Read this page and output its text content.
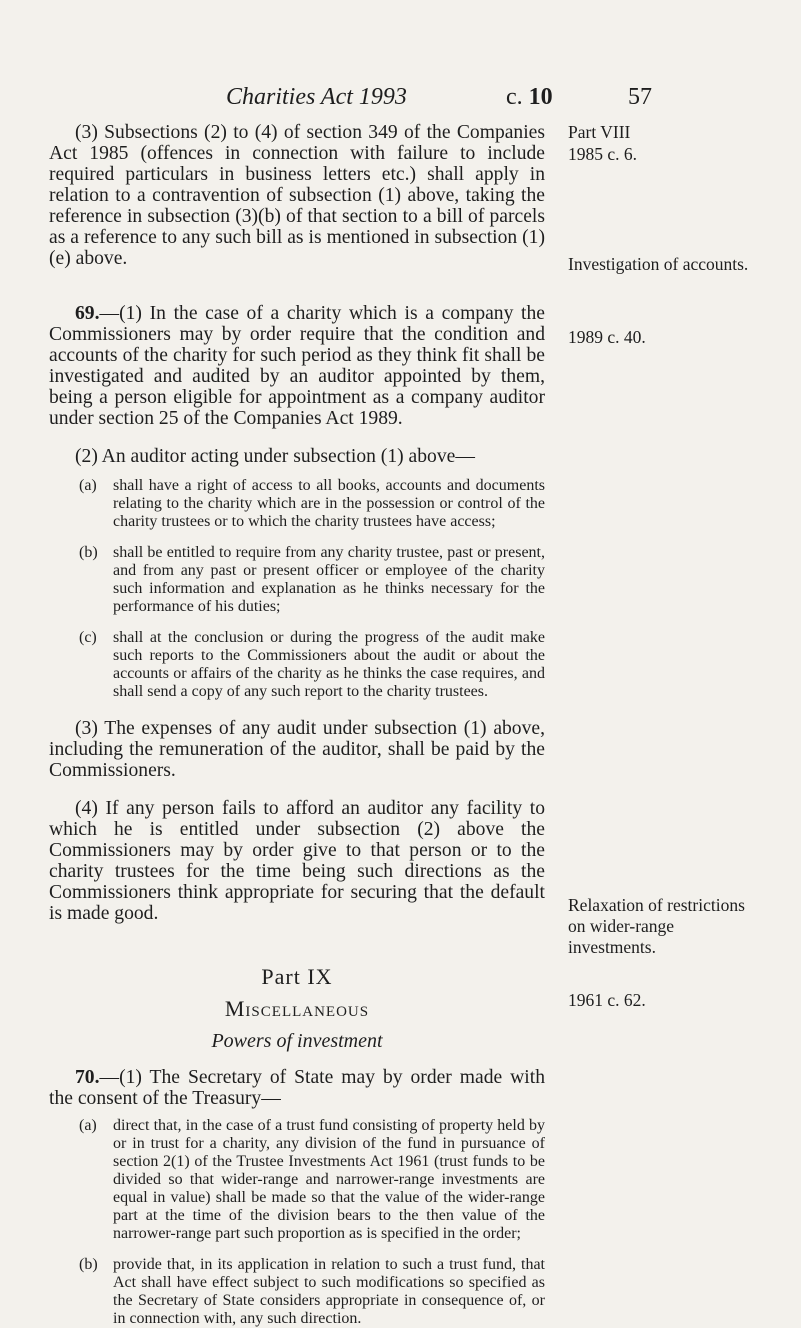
Charities Act 1993	c. 10	57

(3) Subsections (2) to (4) of section 349 of the Companies Act 1985 (offences in connection with failure to include required particulars in business letters etc.) shall apply in relation to a contravention of subsection (1) above, taking the reference in subsection (3)(b) of that section to a bill of parcels as a reference to any such bill as is mentioned in subsection (1)(e) above.

69.—(1) In the case of a charity which is a company the Commissioners may by order require that the condition and accounts of the charity for such period as they think fit shall be investigated and audited by an auditor appointed by them, being a person eligible for appointment as a company auditor under section 25 of the Companies Act 1989.

(2) An auditor acting under subsection (1) above—

(a)	shall have a right of access to all books, accounts and documents relating to the charity which are in the possession or control of the charity trustees or to which the charity trustees have access;
(b) shall be entitled to require from any charity trustee, past or present, and from any past or present officer or employee of the charity such information and explanation as he thinks necessary for the performance of his duties;
(c)	shall at the conclusion or during the progress of the audit make such reports to the Commissioners about the audit or about the accounts or affairs of the charity as he thinks the case requires, and shall send a copy of any such report to the charity trustees.

(3) The expenses of any audit under subsection (1) above, including the remuneration of the auditor, shall be paid by the Commissioners.

(4) If any person fails to afford an auditor any facility to which he is entitled under subsection (2) above the Commissioners may by order give to that person or to the charity trustees for the time being such directions as the Commissioners think appropriate for securing that the default is made good.

Part IX
Miscellaneous
Powers of investment

70.—(1) The Secretary of State may by order made with the consent of the Treasury—

(a)	direct that, in the case of a trust fund consisting of property held by or in trust for a charity, any division of the fund in pursuance of section 2(1) of the Trustee Investments Act 1961 (trust funds to be divided so that wider-range and narrower-range investments are equal in value) shall be made so that the value of the wider-range part at the time of the division bears to the then value of the narrower-range part such proportion as is specified in the order;
(b) provide that, in its application in relation to such a trust fund, that Act shall have effect subject to such modifications so specified as the Secretary of State considers appropriate in consequence of, or in connection with, any such direction.
Part VIII
1985 c. 6.
Investigation of accounts.
1989 c. 40.
Relaxation of restrictions on wider-range investments.
1961 c. 62.
